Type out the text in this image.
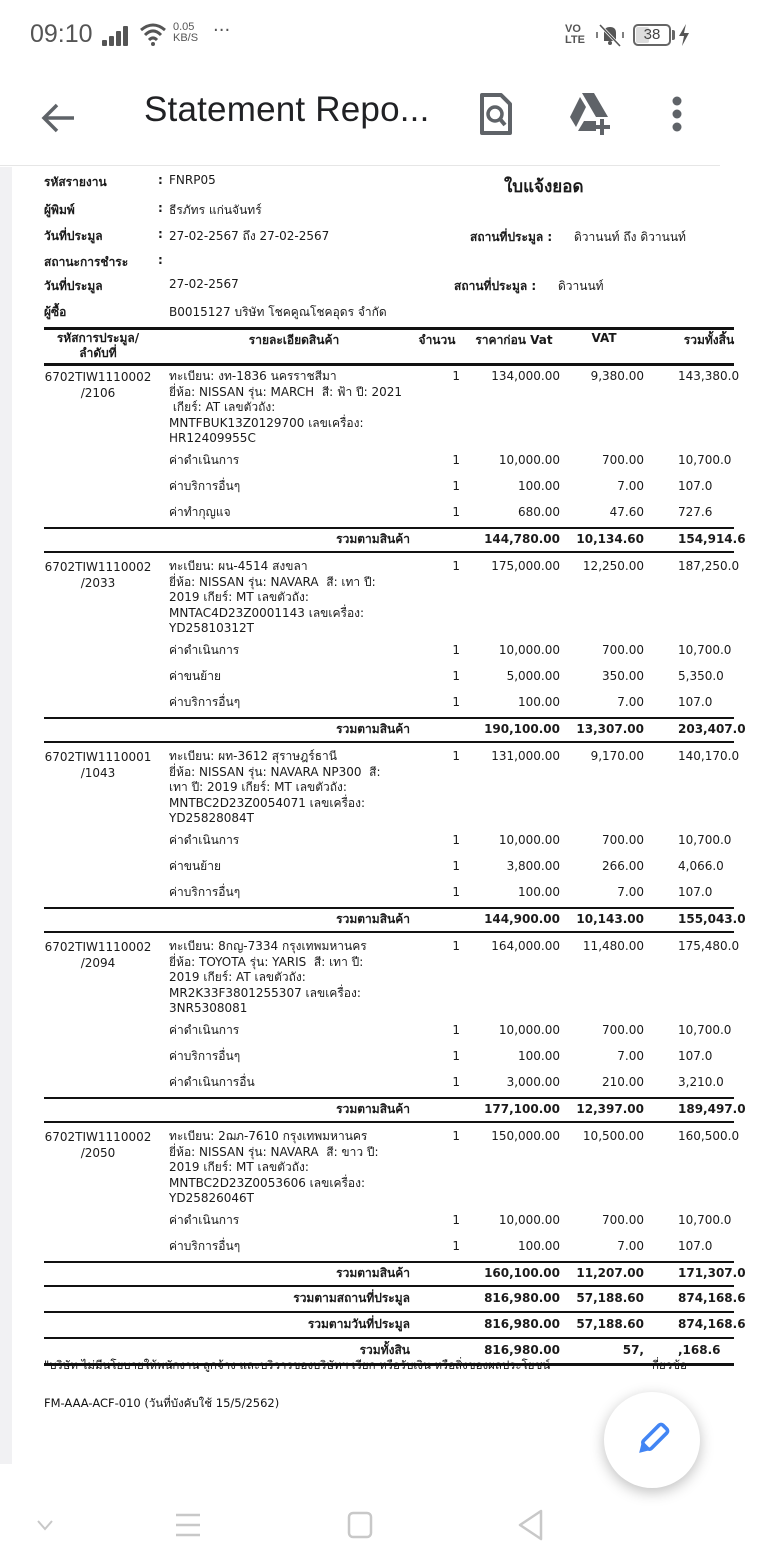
09:10	0.05
KB/S ···	VO
LTE	38
Statement Repo...
ใบแจ้งยอด
รหัสรายงาน	: FNRP05
ผู้พิมพ์	: ธีรภัทร แก่นจันทร์
วันที่ประมูล	: 27-02-2567 ถึง 27-02-2567
สถานะการชำระ :
วันที่ประมูล	27-02-2567
ผู้ซื้อ	B0015127 บริษัท โชคคูณโชคอุดร จำกัด
สถานที่ประมูล : ดิวานนท์ ถึง ดิวานนท์
สถานที่ประมูล : ดิวานนท์
รหัสการประมูล/
ลำดับที่
รายละเอียดสินค้า	จำนวน	ราคาก่อน Vat	VAT	รวมทั้งสิ้น
6702TIW1110002
/2106
ทะเบียน: งท-1836 นครราชสีมา
ยี่ห้อ: NISSAN รุ่น: MARCH  สี: ฟ้า ปี: 2021
เกียร์: AT เลขตัวถัง:
MNTFBUK13Z0129700 เลขเครื่อง:
HR12409955C
1	134,000.00	9,380.00	143,380.0
ค่าดำเนินการ	1	10,000.00	700.00	10,700.0
ค่าบริการอื่นๆ	1	100.00	7.00	107.0
ค่าทำกุญแจ	1	680.00	47.60	727.6
รวมตามสินค้า	144,780.00	10,134.60	154,914.6
6702TIW1110002
/2033
ทะเบียน: ผน-4514 สงขลา
ยี่ห้อ: NISSAN รุ่น: NAVARA  สี: เทา ปี:
2019 เกียร์: MT เลขตัวถัง:
MNTAC4D23Z0001143 เลขเครื่อง:
YD25810312T
1	175,000.00	12,250.00	187,250.0
ค่าดำเนินการ	1	10,000.00	700.00	10,700.0
ค่าขนย้าย	1	5,000.00	350.00	5,350.0
ค่าบริการอื่นๆ	1	100.00	7.00	107.0
รวมตามสินค้า	190,100.00	13,307.00	203,407.0
6702TIW1110001
/1043
ทะเบียน: ผท-3612 สุราษฎร์ธานี
ยี่ห้อ: NISSAN รุ่น: NAVARA NP300  สี:
เทา ปี: 2019 เกียร์: MT เลขตัวถัง:
MNTBC2D23Z0054071 เลขเครื่อง:
YD25828084T
1	131,000.00	9,170.00	140,170.0
ค่าดำเนินการ	1	10,000.00	700.00	10,700.0
ค่าขนย้าย	1	3,800.00	266.00	4,066.0
ค่าบริการอื่นๆ	1	100.00	7.00	107.0
รวมตามสินค้า	144,900.00	10,143.00	155,043.0
6702TIW1110002
/2094
ทะเบียน: 8กญ-7334 กรุงเทพมหานคร
ยี่ห้อ: TOYOTA รุ่น: YARIS  สี: เทา ปี:
2019 เกียร์: AT เลขตัวถัง:
MR2K33F3801255307 เลขเครื่อง:
3NR5308081
1	164,000.00	11,480.00	175,480.0
ค่าดำเนินการ	1	10,000.00	700.00	10,700.0
ค่าบริการอื่นๆ	1	100.00	7.00	107.0
ค่าดำเนินการอื่น	1	3,000.00	210.00	3,210.0
รวมตามสินค้า	177,100.00	12,397.00	189,497.0
6702TIW1110002
/2050
ทะเบียน: 2ฌภ-7610 กรุงเทพมหานคร
ยี่ห้อ: NISSAN รุ่น: NAVARA  สี: ขาว ปี:
2019 เกียร์: MT เลขตัวถัง:
MNTBC2D23Z0053606 เลขเครื่อง:
YD25826046T
1	150,000.00	10,500.00	160,500.0
ค่าดำเนินการ	1	10,000.00	700.00	10,700.0
ค่าบริการอื่นๆ	1	100.00	7.00	107.0
รวมตามสินค้า	160,100.00	11,207.00	171,307.0
รวมตามสถานที่ประมูล	816,980.00	57,188.60	874,168.6
รวมตามวันที่ประมูล	816,980.00	57,188.60	874,168.6
รวมทั้งสิน	816,980.00	57,	,168.6
"บริษัท ไม่มีนโยบายให้พนักงาน ลูกจ้าง และบริวารของบริษัทฯ เรียก หรือรับเงิน หรือสิ่งของผลประโยชน์	กี่ยวข้อ
FM-AAA-ACF-010 (วันที่บังคับใช้ 15/5/2562)
